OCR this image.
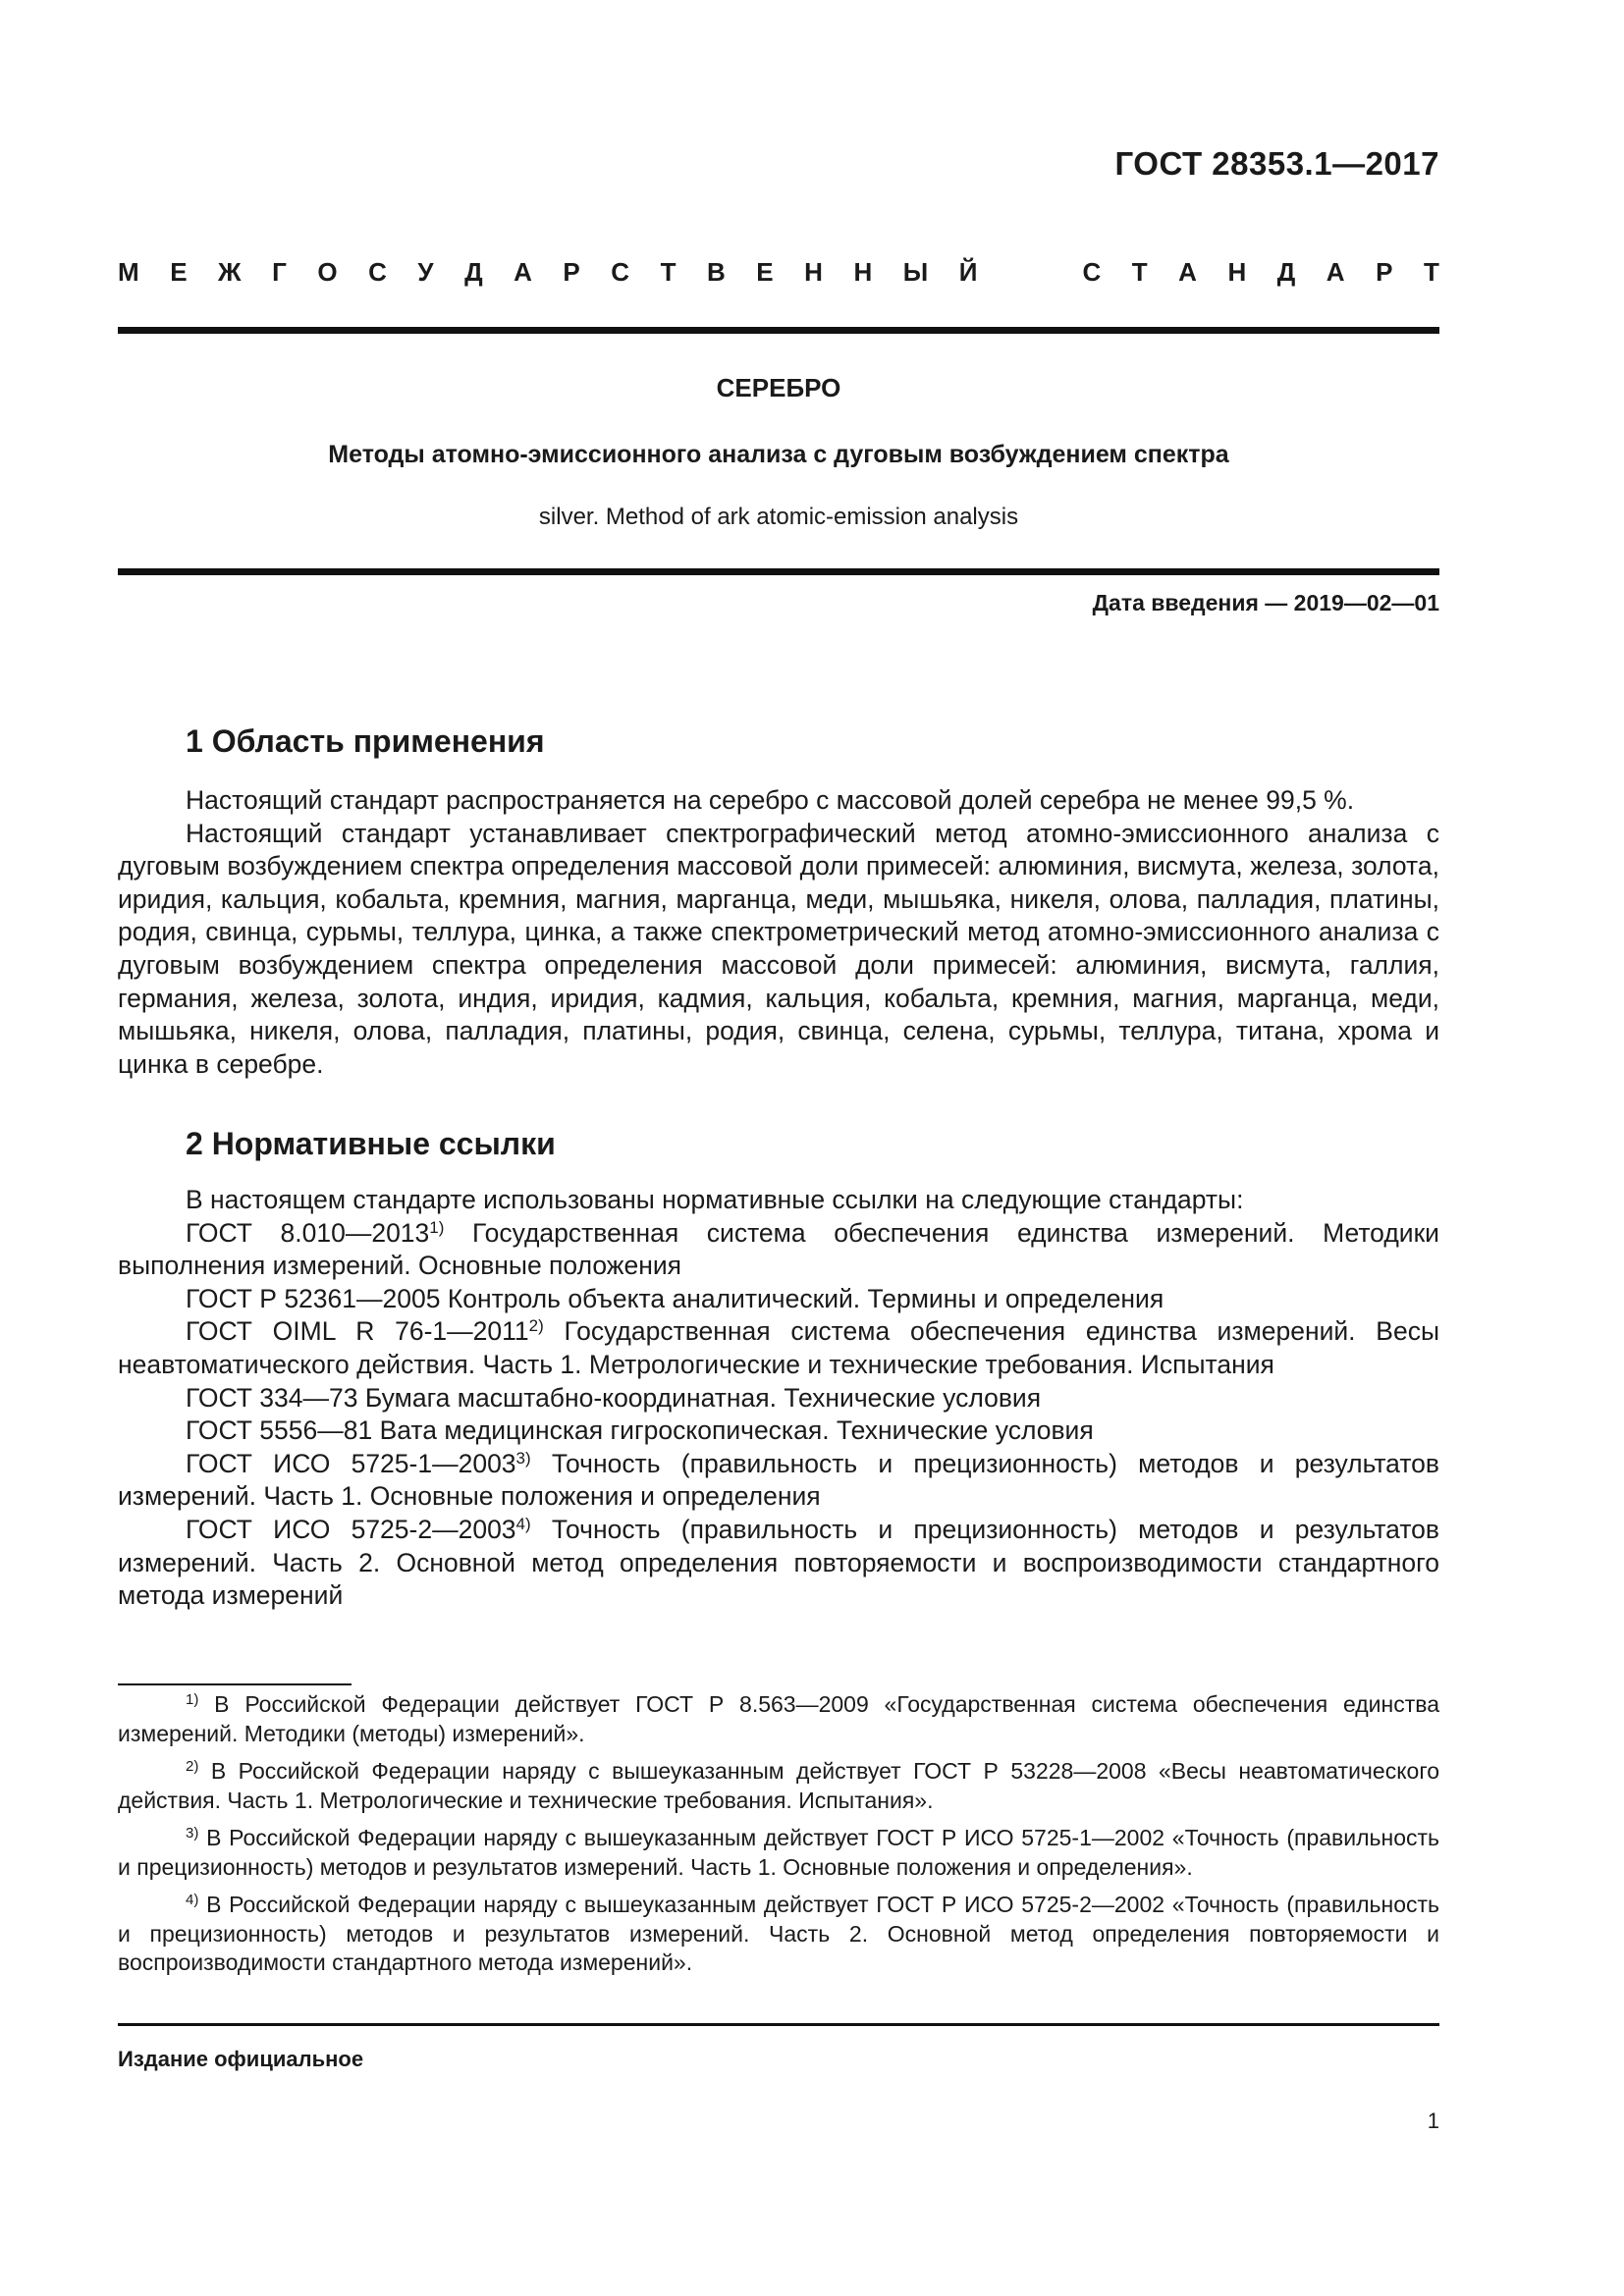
ГОСТ 28353.1—2017
М Е Ж Г О С У Д А Р С Т В Е Н Н Ы Й	С Т А Н Д А Р Т
СЕРЕБРО
Методы атомно-эмиссионного анализа с дуговым возбуждением спектра
silver. Method of ark atomic-emission analysis
Дата введения — 2019—02—01
1 Область применения

Настоящий стандарт распространяется на серебро с массовой долей серебра не менее 99,5 %.

Настоящий стандарт устанавливает спектрографический метод атомно-эмиссионного анализа с дуговым возбуждением спектра определения массовой доли примесей: алюминия, висмута, железа, золота, иридия, кальция, кобальта, кремния, магния, марганца, меди, мышьяка, никеля, олова, палладия, платины, родия, свинца, сурьмы, теллура, цинка, а также спектрометрический метод атомно-эмиссионного анализа с дуговым возбуждением спектра определения массовой доли примесей: алюминия, висмута, галлия, германия, железа, золота, индия, иридия, кадмия, кальция, кобальта, кремния, магния, марганца, меди, мышьяка, никеля, олова, палладия, платины, родия, свинца, селена, сурьмы, теллура, титана, хрома и цинка в серебре.

2 Нормативные ссылки

В настоящем стандарте использованы нормативные ссылки на следующие стандарты:

ГОСТ 8.010—2013$^{1)}$ Государственная система обеспечения единства измерений. Методики выполнения измерений. Основные положения

ГОСТ Р 52361—2005 Контроль объекта аналитический. Термины и определения

ГОСТ OIML R 76-1—2011$^{2)}$ Государственная система обеспечения единства измерений. Весы неавтоматического действия. Часть 1. Метрологические и технические требования. Испытания

ГОСТ 334—73 Бумага масштабно-координатная. Технические условия

ГОСТ 5556—81 Вата медицинская гигроскопическая. Технические условия

ГОСТ ИСО 5725-1—2003$^{3)}$ Точность (правильность и прецизионность) методов и результатов измерений. Часть 1. Основные положения и определения

ГОСТ ИСО 5725-2—2003$^{4)}$ Точность (правильность и прецизионность) методов и результатов измерений. Часть 2. Основной метод определения повторяемости и воспроизводимости стандартного метода измерений

$^{1)}$ В Российской Федерации действует ГОСТ Р 8.563—2009 «Государственная система обеспечения единства измерений. Методики (методы) измерений».

$^{2)}$ В Российской Федерации наряду с вышеуказанным действует ГОСТ Р 53228—2008 «Весы неавтоматического действия. Часть 1. Метрологические и технические требования. Испытания».

$^{3)}$ В Российской Федерации наряду с вышеуказанным действует ГОСТ Р ИСО 5725-1—2002 «Точность (правильность и прецизионность) методов и результатов измерений. Часть 1. Основные положения и определения».

$^{4)}$ В Российской Федерации наряду с вышеуказанным действует ГОСТ Р ИСО 5725-2—2002 «Точность (правильность и прецизионность) методов и результатов измерений. Часть 2. Основной метод определения повторяемости и воспроизводимости стандартного метода измерений».

Издание официальное
1
